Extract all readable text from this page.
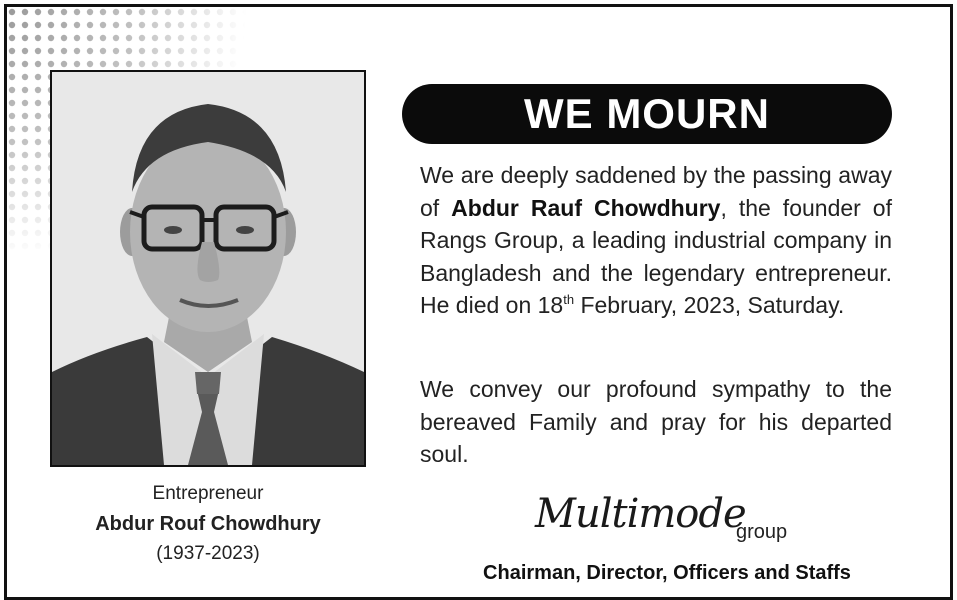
Entrepreneur
Abdur Rouf Chowdhury
(1937-2023)
WE MOURN

We are deeply saddened by the passing away of Abdur Rauf Chowdhury, the founder of Rangs Group, a leading industrial company in Bangladesh and the legendary entrepreneur. He died on 18th February, 2023, Saturday.

We convey our profound sympathy to the bereaved Family and pray for his departed soul.

Multimode
group
Chairman, Director, Officers and Staffs
